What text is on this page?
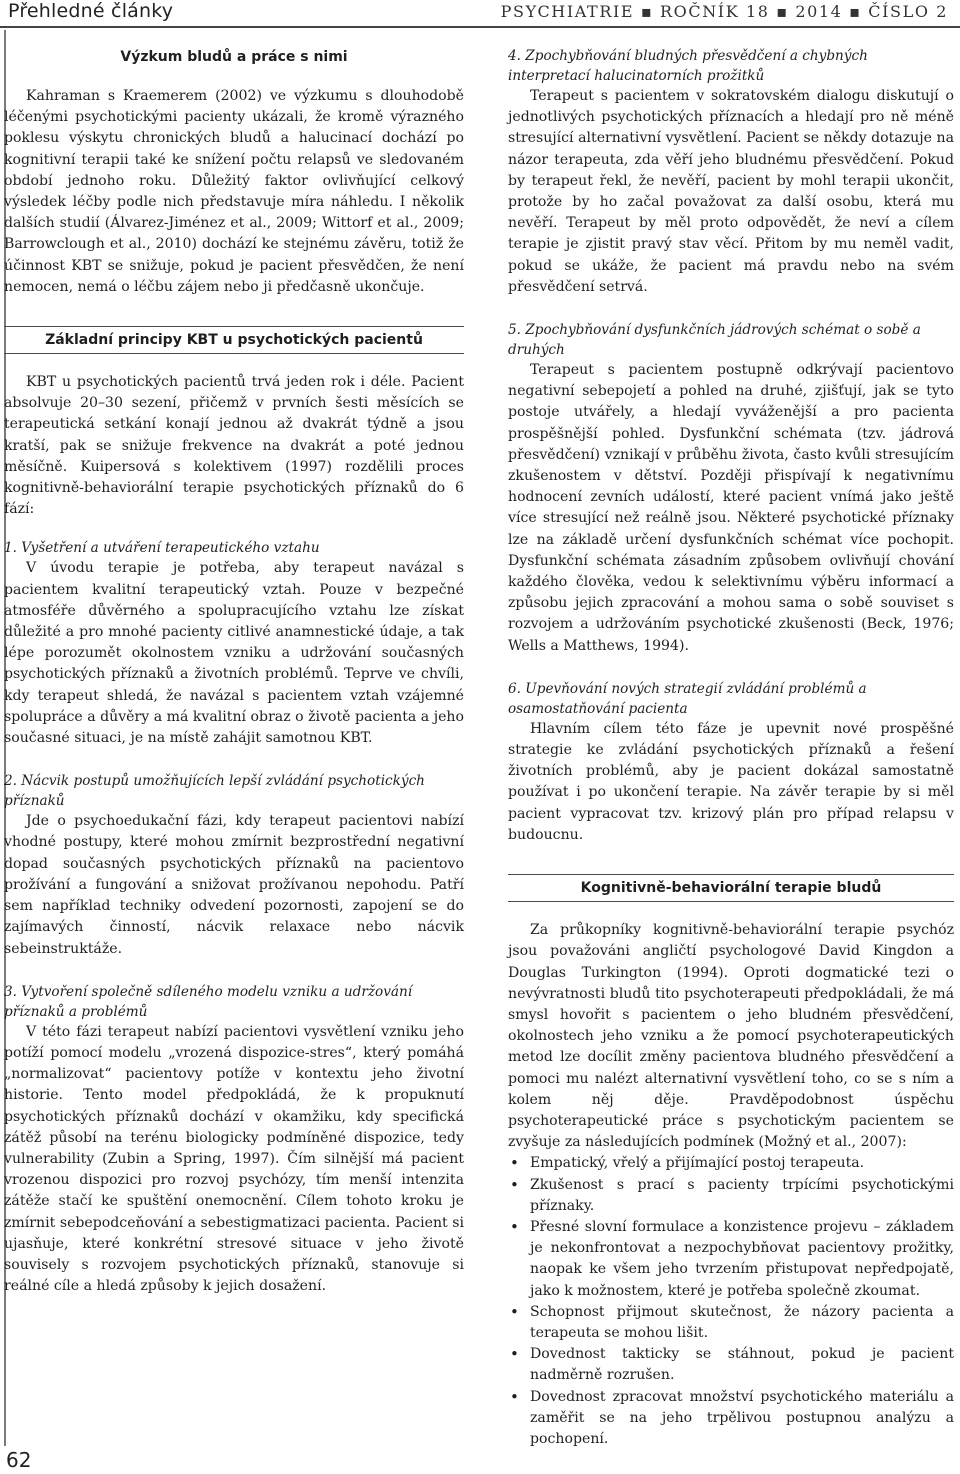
Přehledné články	PSYCHIATRIE ▪ ROČNÍK 18 ▪ 2014 ▪ ČÍSLO 2
Výzkum bludů a práce s nimi

Kahraman s Kraemerem (2002) ve výzkumu s dlouhodobě léčenými psychotickými pacienty ukázali, že kromě výrazného poklesu výskytu chronických bludů a halucinací dochází po kognitivní terapii také ke snížení počtu relapsů ve sledovaném období jednoho roku. Důležitý faktor ovlivňující celkový výsledek léčby podle nich představuje míra náhledu. I několik dalších studií (Álvarez-Jiménez et al., 2009; Wittorf et al., 2009; Barrowclough et al., 2010) dochází ke stejnému závěru, totiž že účinnost KBT se snižuje, pokud je pacient přesvědčen, že není nemocen, nemá o léčbu zájem nebo ji předčasně ukončuje.

Základní principy KBT u psychotických pacientů

KBT u psychotických pacientů trvá jeden rok i déle. Pacient absolvuje 20–30 sezení, přičemž v prvních šesti měsících se terapeutická setkání konají jednou až dvakrát týdně a jsou kratší, pak se snižuje frekvence na dvakrát a poté jednou měsíčně. Kuipersová s kolektivem (1997) rozdělili proces kognitivně-behaviorální terapie psychotických příznaků do 6 fází:

1. Vyšetření a utváření terapeutického vztahu

V úvodu terapie je potřeba, aby terapeut navázal s pacientem kvalitní terapeutický vztah. Pouze v bezpečné atmosféře důvěrného a spolupracujícího vztahu lze získat důležité a pro mnohé pacienty citlivé anamnestické údaje, a tak lépe porozumět okolnostem vzniku a udržování současných psychotických příznaků a životních problémů. Teprve ve chvíli, kdy terapeut shledá, že navázal s pacientem vztah vzájemné spolupráce a důvěry a má kvalitní obraz o životě pacienta a jeho současné situaci, je na místě zahájit samotnou KBT.

2. Nácvik postupů umožňujících lepší zvládání psychotických příznaků

Jde o psychoedukační fázi, kdy terapeut pacientovi nabízí vhodné postupy, které mohou zmírnit bezprostřední negativní dopad současných psychotických příznaků na pacientovo prožívání a fungování a snižovat prožívanou nepohodu. Patří sem například techniky odvedení pozornosti, zapojení se do zajímavých činností, nácvik relaxace nebo nácvik sebeinstruktáže.

3. Vytvoření společně sdíleného modelu vzniku a udržování příznaků a problémů

V této fázi terapeut nabízí pacientovi vysvětlení vzniku jeho potíží pomocí modelu „vrozená dispozice-stres“, který pomáhá „normalizovat“ pacientovy potíže v kontextu jeho životní historie. Tento model předpokládá, že k propuknutí psychotických příznaků dochází v okamžiku, kdy specifická zátěž působí na terénu biologicky podmíněné dispozice, tedy vulnerability (Zubin a Spring, 1997). Čím silnější má pacient vrozenou dispozici pro rozvoj psychózy, tím menší intenzita zátěže stačí ke spuštění onemocnění. Cílem tohoto kroku je zmírnit sebepodceňování a sebestigmatizaci pacienta. Pacient si ujasňuje, které konkrétní stresové situace v jeho životě souvisely s rozvojem psychotických příznaků, stanovuje si reálné cíle a hledá způsoby k jejich dosažení.

4. Zpochybňování bludných přesvědčení a chybných interpretací halucinatorních prožitků

Terapeut s pacientem v sokratovském dialogu diskutují o jednotlivých psychotických příznacích a hledají pro ně méně stresující alternativní vysvětlení. Pacient se někdy dotazuje na názor terapeuta, zda věří jeho bludnému přesvědčení. Pokud by terapeut řekl, že nevěří, pacient by mohl terapii ukončit, protože by ho začal považovat za další osobu, která mu nevěří. Terapeut by měl proto odpovědět, že neví a cílem terapie je zjistit pravý stav věcí. Přitom by mu neměl vadit, pokud se ukáže, že pacient má pravdu nebo na svém přesvědčení setrvá.

5. Zpochybňování dysfunkčních jádrových schémat o sobě a druhých

Terapeut s pacientem postupně odkrývají pacientovo negativní sebepojetí a pohled na druhé, zjišťují, jak se tyto postoje utvářely, a hledají vyváženější a pro pacienta prospěšnější pohled. Dysfunkční schémata (tzv. jádrová přesvědčení) vznikají v průběhu života, často kvůli stresujícím zkušenostem v dětství. Později přispívají k negativnímu hodnocení zevních událostí, které pacient vnímá jako ještě více stresující než reálně jsou. Některé psychotické příznaky lze na základě určení dysfunkčních schémat více pochopit. Dysfunkční schémata zásadním způsobem ovlivňují chování každého člověka, vedou k selektivnímu výběru informací a způsobu jejich zpracování a mohou sama o sobě souviset s rozvojem a udržováním psychotické zkušenosti (Beck, 1976; Wells a Matthews, 1994).

6. Upevňování nových strategií zvládání problémů a osamostatňování pacienta

Hlavním cílem této fáze je upevnit nové prospěšné strategie ke zvládání psychotických příznaků a řešení životních problémů, aby je pacient dokázal samostatně používat i po ukončení terapie. Na závěr terapie by si měl pacient vypracovat tzv. krizový plán pro případ relapsu v budoucnu.

Kognitivně-behaviorální terapie bludů

Za průkopníky kognitivně-behaviorální terapie psychóz jsou považováni angličtí psychologové David Kingdon a Douglas Turkington (1994). Oproti dogmatické tezi o nevývratnosti bludů tito psychoterapeuti předpokládali, že má smysl hovořit s pacientem o jeho bludném přesvědčení, okolnostech jeho vzniku a že pomocí psychoterapeutických metod lze docílit změny pacientova bludného přesvědčení a pomoci mu nalézt alternativní vysvětlení toho, co se s ním a kolem něj děje. Pravděpodobnost úspěchu psychoterapeutické práce s psychotickým pacientem se zvyšuje za následujících podmínek (Možný et al., 2007):

• Empatický, vřelý a přijímající postoj terapeuta.
• Zkušenost s prací s pacienty trpícími psychotickými příznaky.
• Přesné slovní formulace a konzistence projevu – základem je nekonfrontovat a nezpochybňovat pacientovy prožitky, naopak ke všem jeho tvrzením přistupovat nepředpojatě, jako k možnostem, které je potřeba společně zkoumat.
• Schopnost přijmout skutečnost, že názory pacienta a terapeuta se mohou lišit.
• Dovednost takticky se stáhnout, pokud je pacient nadměrně rozrušen.
• Dovednost zpracovat množství psychotického materiálu a zaměřit se na jeho trpělivou postupnou analýzu a pochopení.
62
